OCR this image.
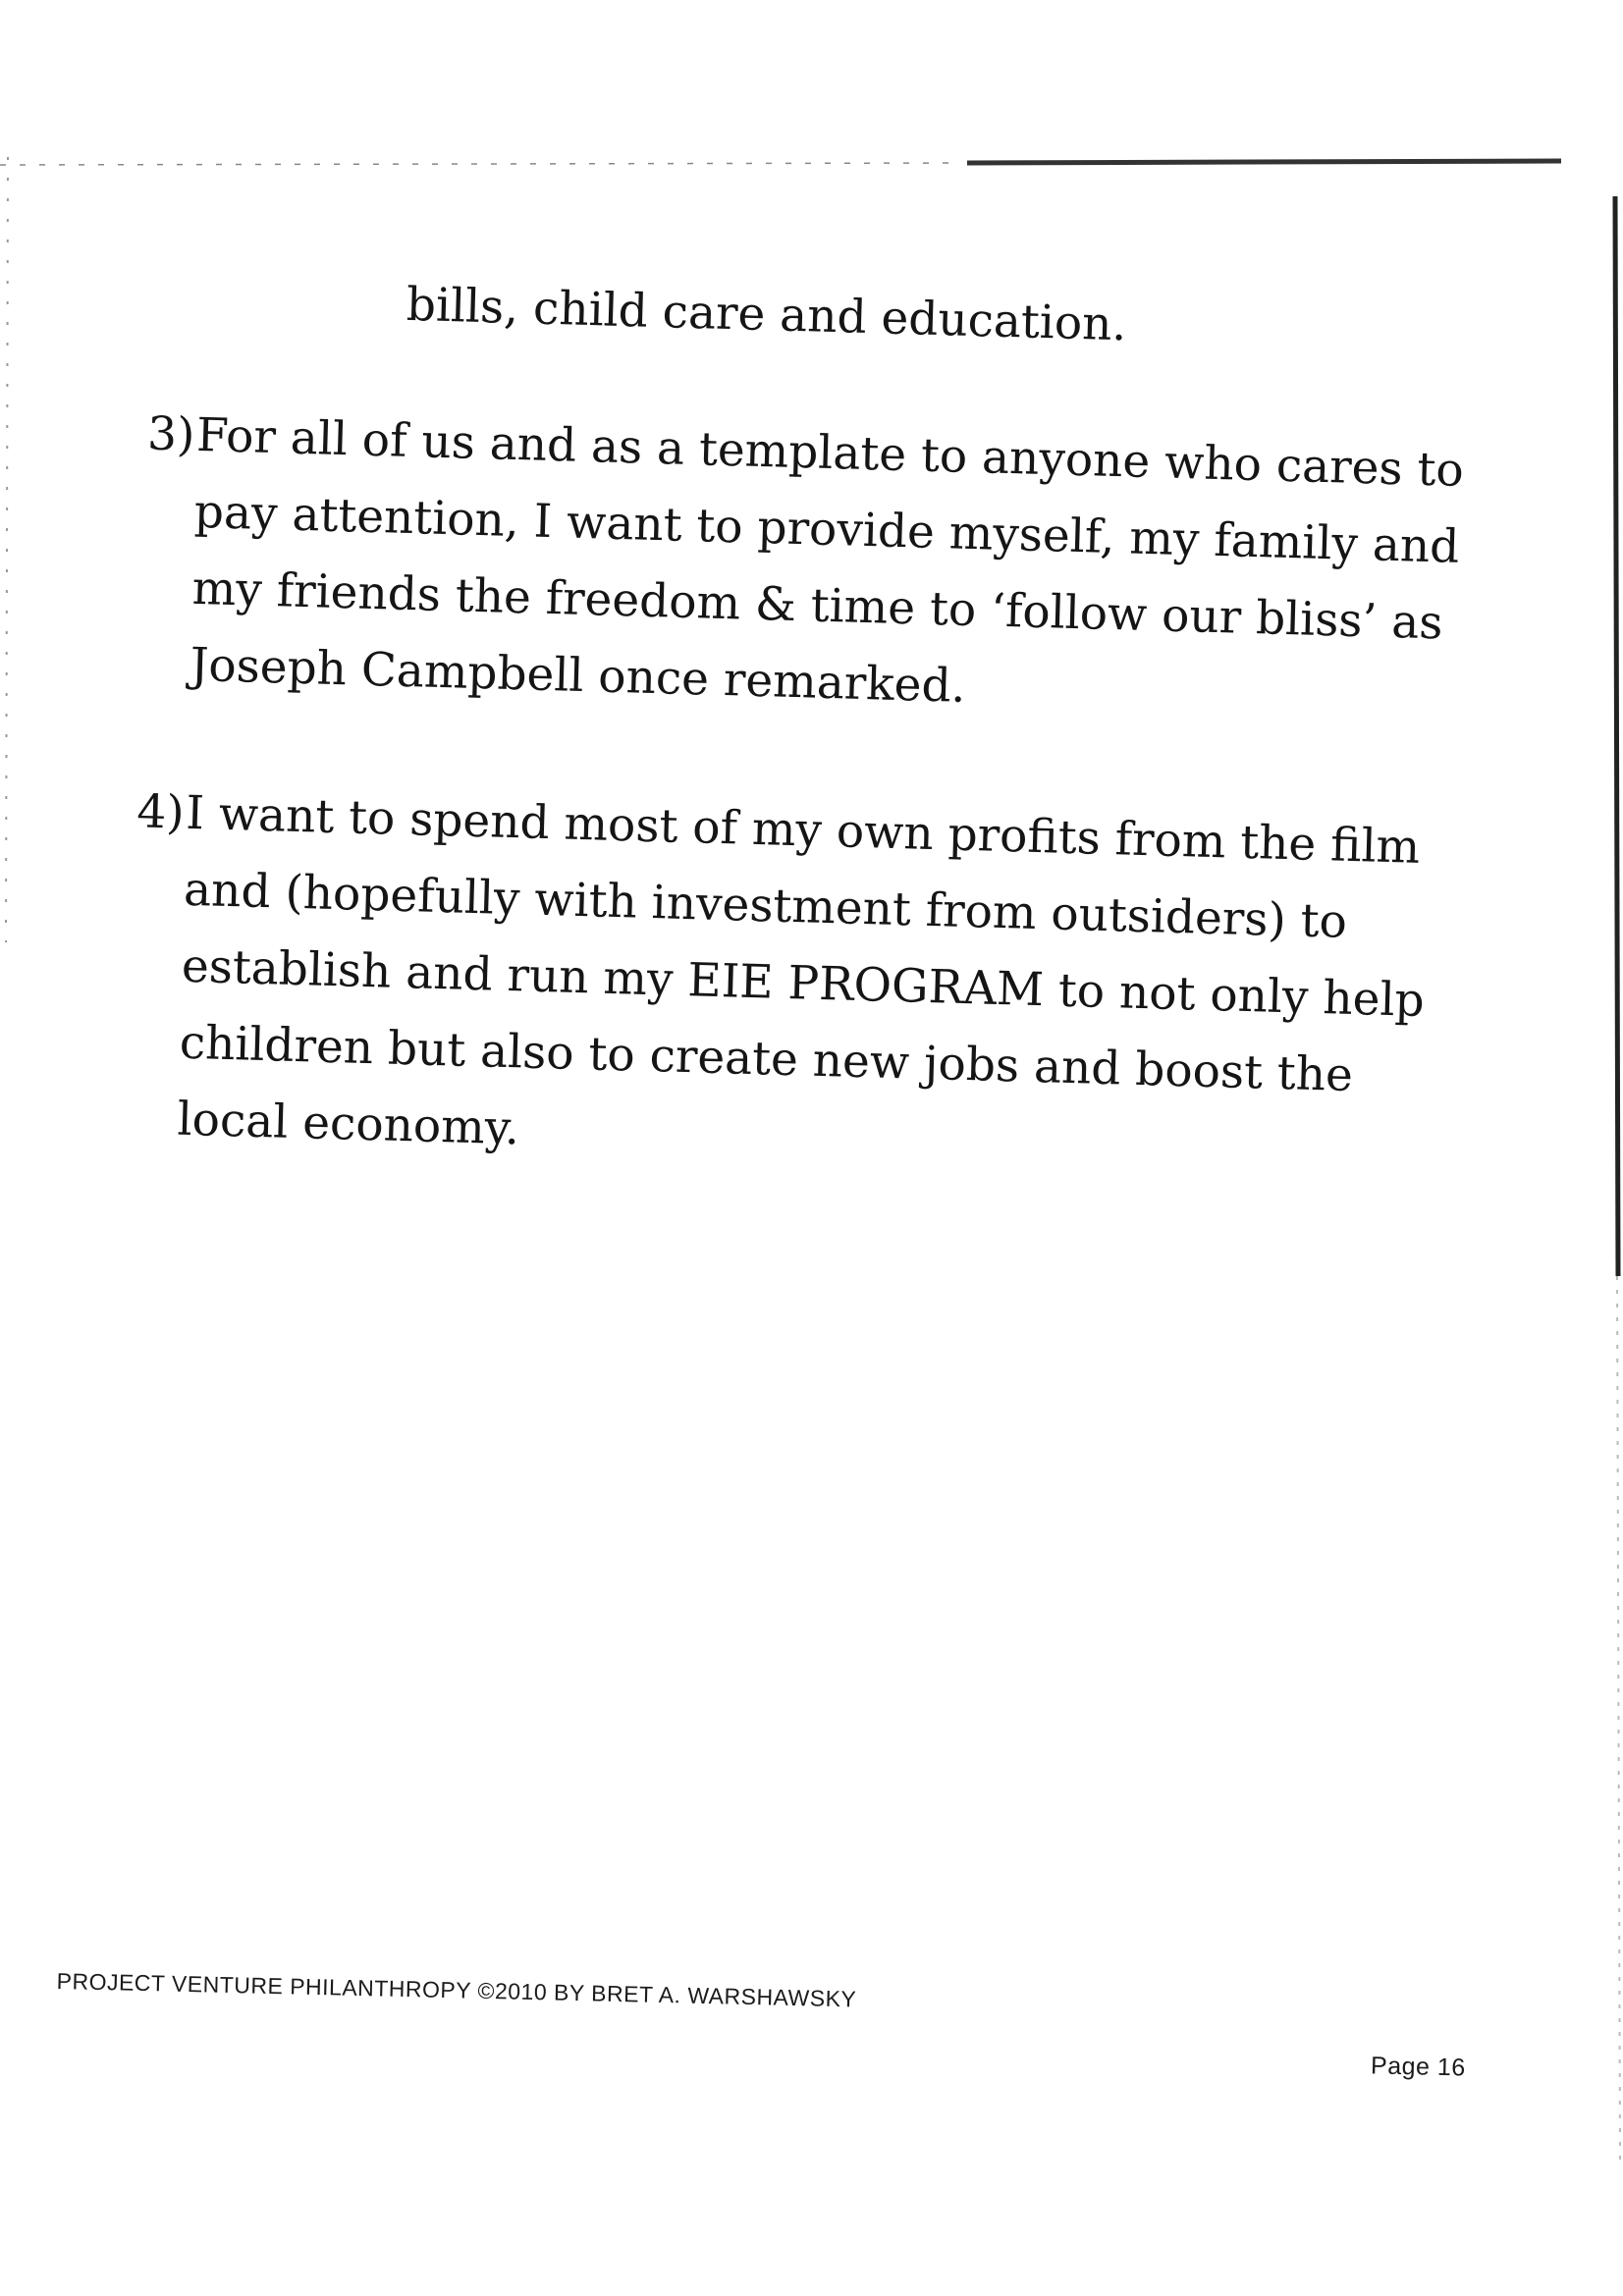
bills, child care and education.
3) For all of us and as a template to anyone who cares to
pay attention, I want to provide myself, my family and
my friends the freedom & time to ‘follow our bliss’ as
Joseph Campbell once remarked.
4) I want to spend most of my own profits from the film
and (hopefully with investment from outsiders) to
establish and run my EIE PROGRAM to not only help
children but also to create new jobs and boost the
local economy.
PROJECT VENTURE PHILANTHROPY ©2010 BY BRET A. WARSHAWSKY
Page 16
